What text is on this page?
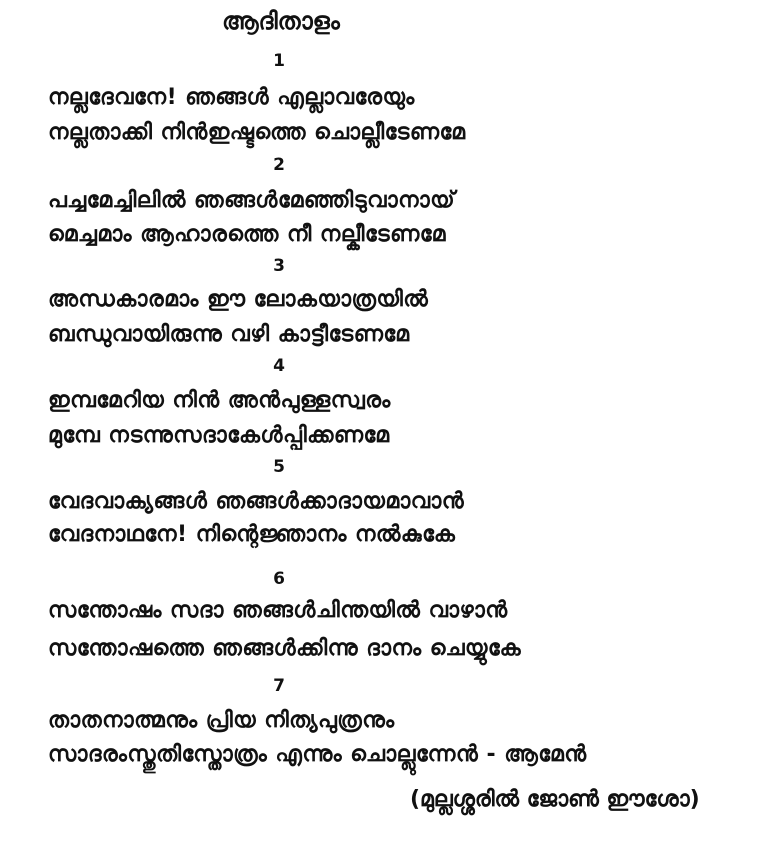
ആദിതാളം
1
നല്ലദേവനേ! ഞങ്ങൾ എല്ലാവരേയും
നല്ലതാക്കി നിൻഇഷ്ടത്തെ ചൊല്ലീടേണമേ
2
പച്ചമേച്ചിലിൽ ഞങ്ങൾമേഞ്ഞിടുവാനായ്
മെച്ചമാം ആഹാരത്തെ നീ നല്കീടേണമേ
3
അന്ധകാരമാം ഈ ലോകയാത്രയിൽ
ബന്ധുവായിരുന്നു വഴി കാട്ടീടേണമേ
4
ഇമ്പമേറിയ നിൻ അൻപുള്ളസ്വരം
മുമ്പേ നടന്നുസദാകേൾപ്പിക്കണമേ
5
വേദവാക്യങ്ങൾ ഞങ്ങൾക്കാദായമാവാൻ
വേദനാഥനേ! നിന്റെജ്ഞാനം നൽകുകേ
6
സന്തോഷം സദാ ഞങ്ങൾചിന്തയിൽ വാഴാൻ
സന്തോഷത്തെ ഞങ്ങൾക്കിന്നു ദാനം ചെയ്യുകേ
7
താതനാത്മനും പ്രിയ നിത്യപുത്രനും
സാദരംസ്തുതിസ്തോത്രം എന്നും ചൊല്ലുന്നേൻ - ആമേൻ
(മുല്ലശ്ശരിൽ ജോൺ ഈശോ)
